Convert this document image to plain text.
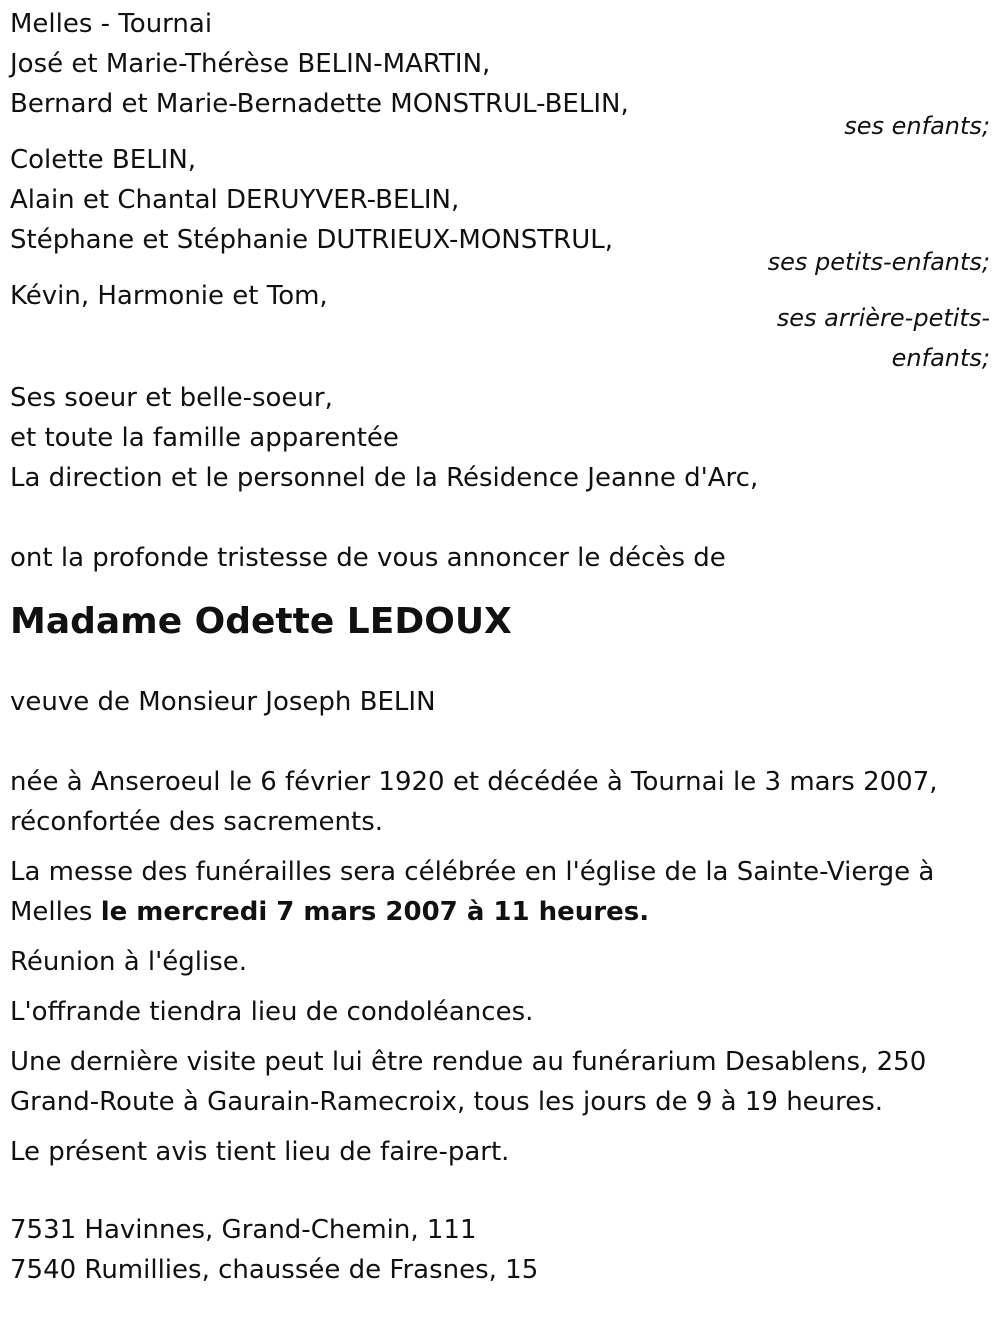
Melles - Tournai
José et Marie-Thérèse BELIN-MARTIN,
Bernard et Marie-Bernadette MONSTRUL-BELIN,
ses enfants;
Colette BELIN,
Alain et Chantal DERUYVER-BELIN,
Stéphane et Stéphanie DUTRIEUX-MONSTRUL,
ses petits-enfants;
Kévin, Harmonie et Tom,
ses arrière-petits-
enfants;
Ses soeur et belle-soeur,
et toute la famille apparentée
La direction et le personnel de la Résidence Jeanne d'Arc,
ont la profonde tristesse de vous annoncer le décès de
Madame Odette LEDOUX
veuve de Monsieur Joseph BELIN
née à Anseroeul le 6 février 1920 et décédée à Tournai le 3 mars 2007,
réconfortée des sacrements.
La messe des funérailles sera célébrée en l'église de la Sainte-Vierge à
Melles le mercredi 7 mars 2007 à 11 heures.
Réunion à l'église.
L'offrande tiendra lieu de condoléances.
Une dernière visite peut lui être rendue au funérarium Desablens, 250
Grand-Route à Gaurain-Ramecroix, tous les jours de 9 à 19 heures.
Le présent avis tient lieu de faire-part.
7531 Havinnes, Grand-Chemin, 111
7540 Rumillies, chaussée de Frasnes, 15
